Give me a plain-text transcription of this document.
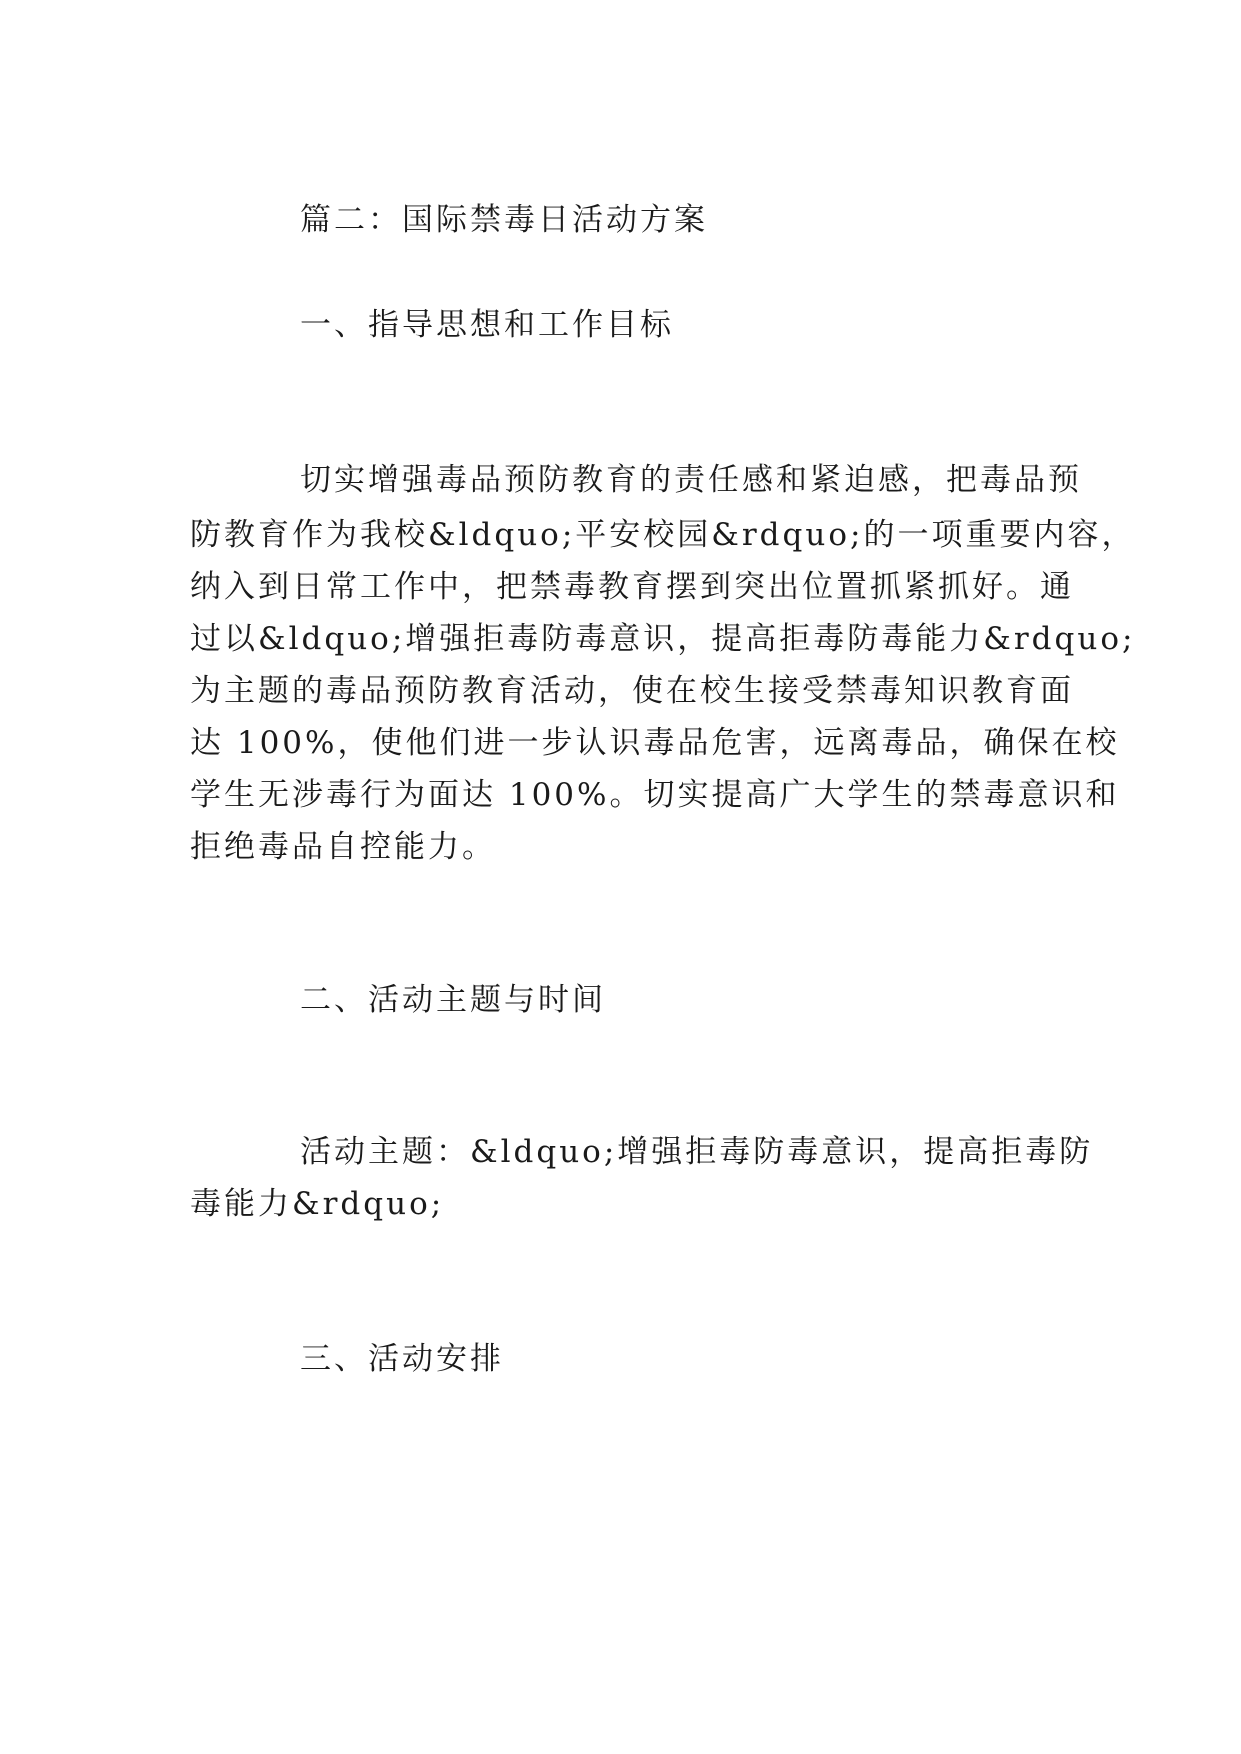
篇二：国际禁毒日活动方案
一、指导思想和工作目标
切实增强毒品预防教育的责任感和紧迫感，把毒品预
防教育作为我校&ldquo;平安校园&rdquo;的一项重要内容，
纳入到日常工作中，把禁毒教育摆到突出位置抓紧抓好。通
过以&ldquo;增强拒毒防毒意识，提高拒毒防毒能力&rdquo;
为主题的毒品预防教育活动，使在校生接受禁毒知识教育面
达 100%，使他们进一步认识毒品危害，远离毒品，确保在校
学生无涉毒行为面达 100%。切实提高广大学生的禁毒意识和
拒绝毒品自控能力。
二、活动主题与时间
活动主题：&ldquo;增强拒毒防毒意识，提高拒毒防
毒能力&rdquo;
三、活动安排
